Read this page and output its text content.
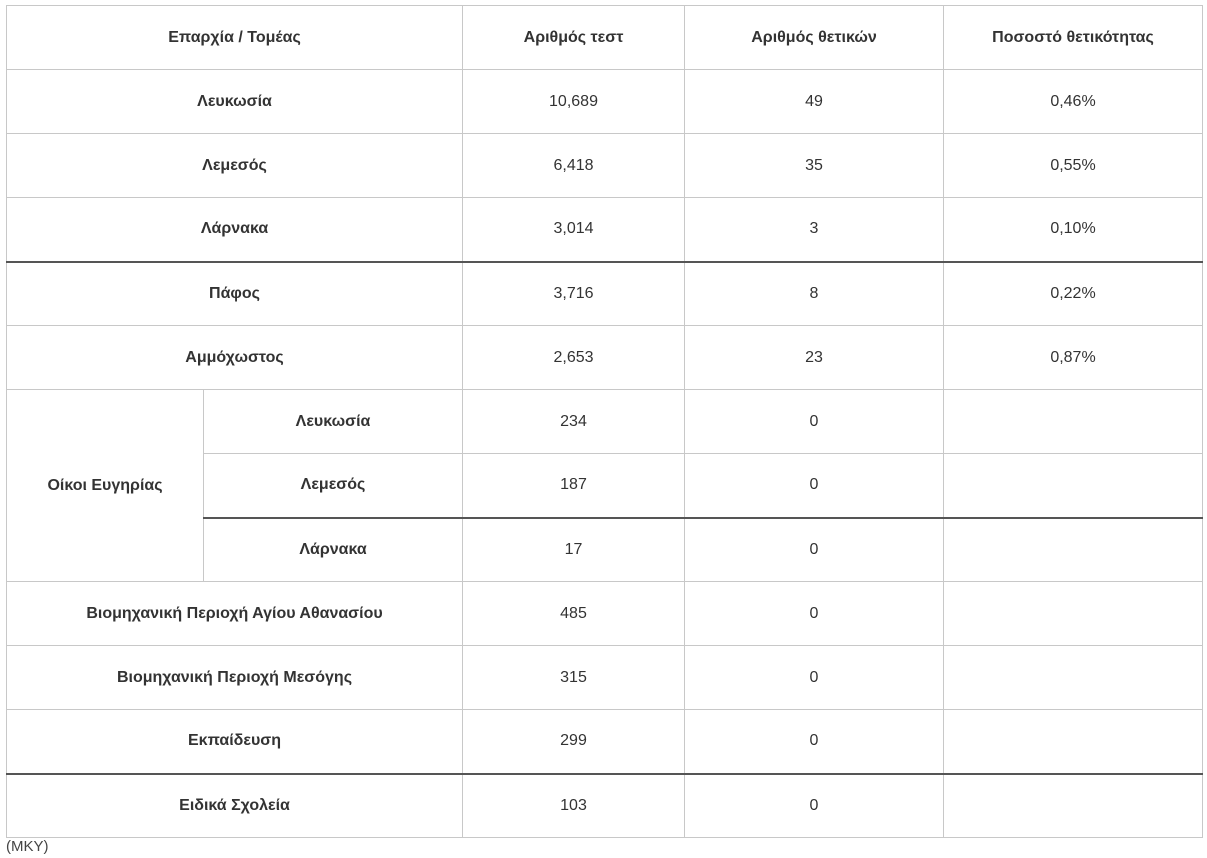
Επαρχία / Τομέας		Αριθμός τεστ	Αριθμός θετικών	Ποσοστό θετικότητας
Λευκωσία		10,689	49	0,46%
Λεμεσός		6,418	35	0,55%
Λάρνακα		3,014	3	0,10%
Πάφος		3,716	8	0,22%
Αμμόχωστος		2,653	23	0,87%
Οίκοι Ευγηρίας	Λευκωσία	234	0	
	Λεμεσός	187	0	
	Λάρνακα	17	0	
Βιομηχανική Περιοχή Αγίου Αθανασίου		485	0	
Βιομηχανική Περιοχή Μεσόγης		315	0	
Εκπαίδευση		299	0	
Ειδικά Σχολεία		103	0	
(ΜΚΥ)
